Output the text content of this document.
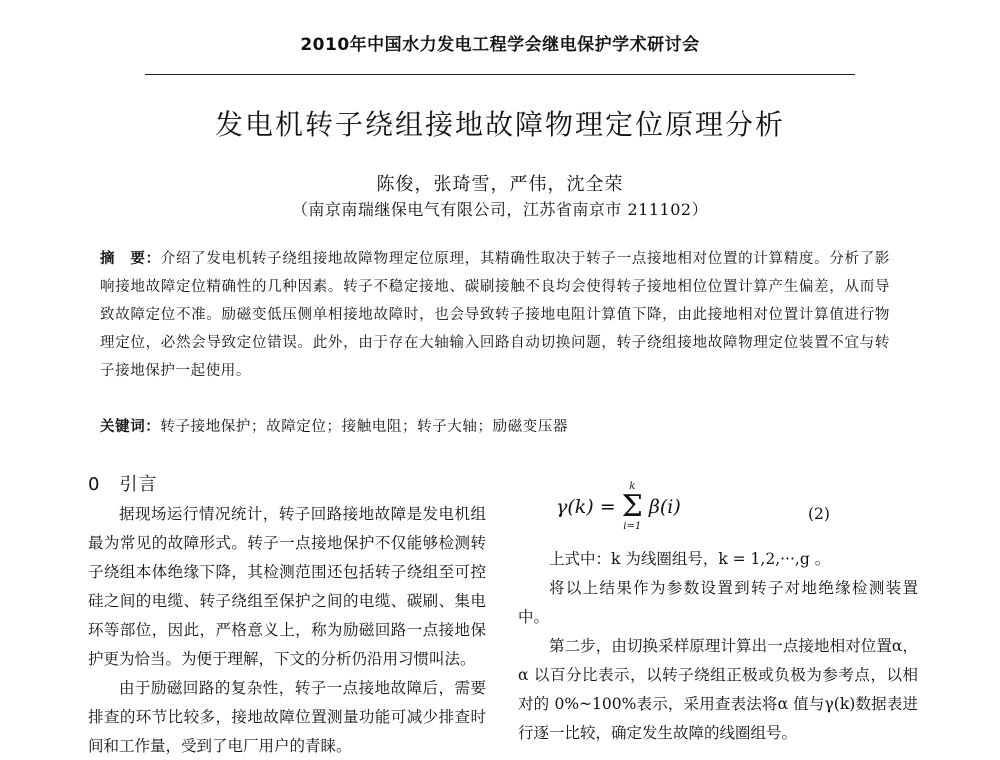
2010年中国水力发电工程学会继电保护学术研讨会
发电机转子绕组接地故障物理定位原理分析
陈俊，张琦雪，严伟，沈全荣
（南京南瑞继保电气有限公司，江苏省南京市 211102）
摘　要：介绍了发电机转子绕组接地故障物理定位原理，其精确性取决于转子一点接地相对位置的计算精度。分析了影响接地故障定位精确性的几种因素。转子不稳定接地、碳刷接触不良均会使得转子接地相位位置计算产生偏差，从而导致故障定位不准。励磁变低压侧单相接地故障时，也会导致转子接地电阻计算值下降，由此接地相对位置计算值进行物理定位，必然会导致定位错误。此外，由于存在大轴输入回路自动切换问题，转子绕组接地故障物理定位装置不宜与转子接地保护一起使用。
关键词：转子接地保护；故障定位；接触电阻；转子大轴；励磁变压器
0　引言

据现场运行情况统计，转子回路接地故障是发电机组最为常见的故障形式。转子一点接地保护不仅能够检测转子绕组本体绝缘下降，其检测范围还包括转子绕组至可控硅之间的电缆、转子绕组至保护之间的电缆、碳刷、集电环等部位，因此，严格意义上，称为励磁回路一点接地保护更为恰当。为便于理解，下文的分析仍沿用习惯叫法。

由于励磁回路的复杂性，转子一点接地故障后，需要排查的环节比较多，接地故障位置测量功能可减少排查时间和工作量，受到了电厂用户的青睐。

γ(k) =
k
Σ
i=1
β(i)	(2)

上式中：k 为线圈组号，k = 1,2,···,g 。

将以上结果作为参数设置到转子对地绝缘检测装置中。

第二步，由切换采样原理计算出一点接地相对位置α，α 以百分比表示，以转子绕组正极或负极为参考点，以相对的 0%~100%表示，采用查表法将α 值与γ(k)数据表进行逐一比较，确定发生故障的线圈组号。
